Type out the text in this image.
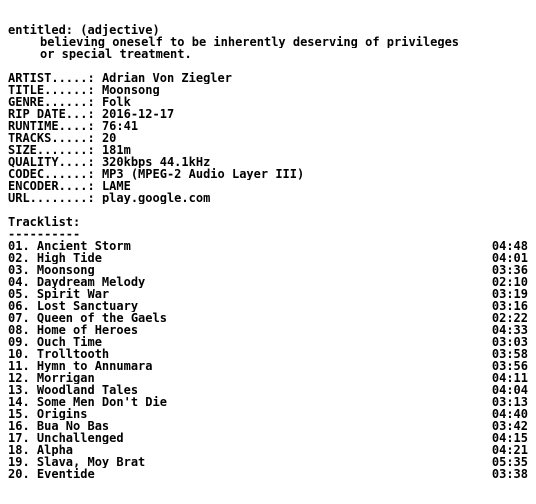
entitled: (adjective)
believing oneself to be inherently deserving of privileges
or special treatment.
ARTIST.....: Adrian Von Ziegler
TITLE......: Moonsong
GENRE......: Folk
RIP DATE...: 2016-12-17
RUNTIME....: 76:41
TRACKS.....: 20
SIZE.......: 181m
QUALITY....: 320kbps 44.1kHz
CODEC......: MP3 (MPEG-2 Audio Layer III)
ENCODER....: LAME
URL........: play.google.com
Tracklist:
----------
01. Ancient Storm	04:48
02. High Tide	04:01
03. Moonsong	03:36
04. Daydream Melody	02:10
05. Spirit War	03:19
06. Lost Sanctuary	03:16
07. Queen of the Gaels	02:22
08. Home of Heroes	04:33
09. Ouch Time	03:03
10. Trolltooth	03:58
11. Hymn to Annumara	03:56
12. Morrigan	04:11
13. Woodland Tales	04:04
14. Some Men Don't Die	03:13
15. Origins	04:40
16. Bua No Bas	03:42
17. Unchallenged	04:15
18. Alpha	04:21
19. Slava, Moy Brat	05:35
20. Eventide	03:38
